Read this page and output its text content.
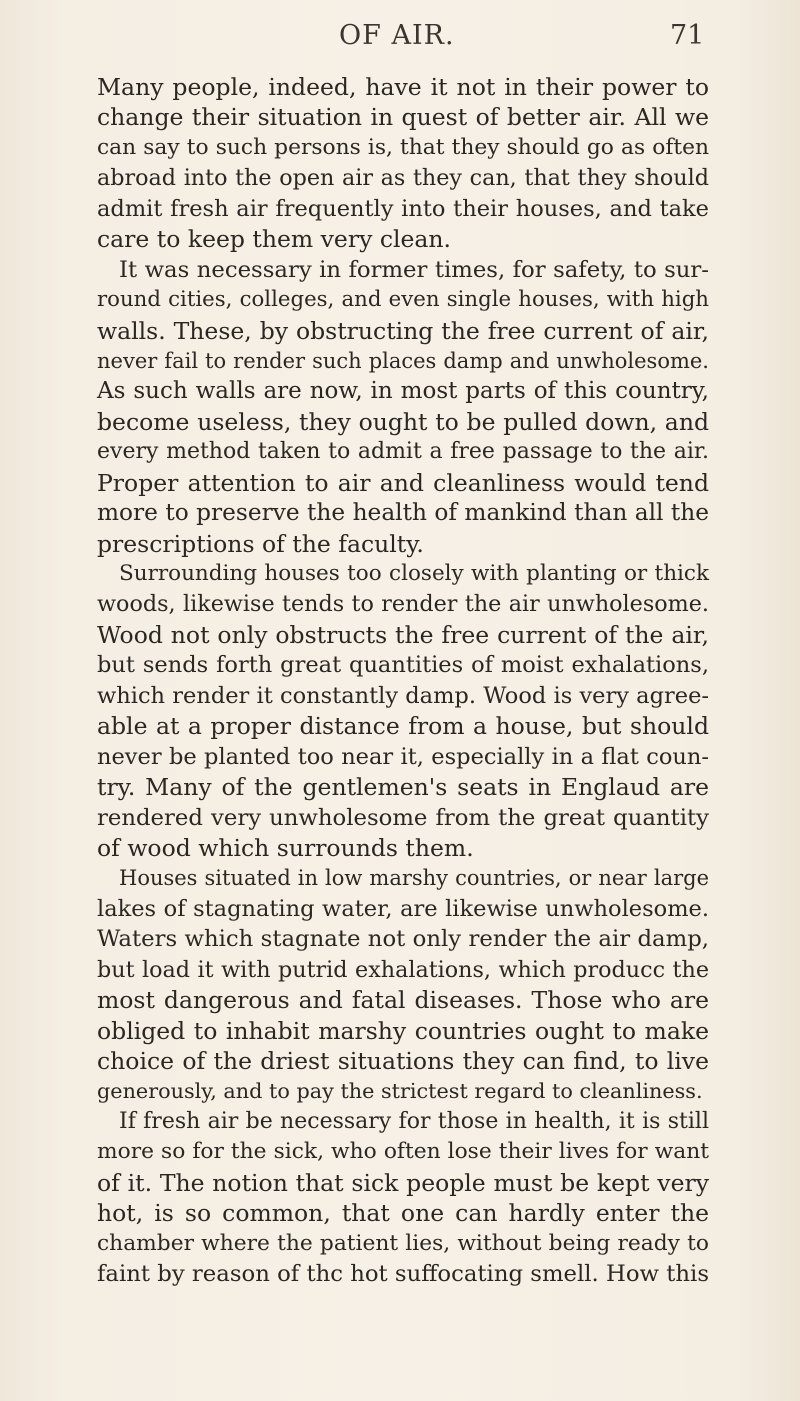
OF AIR.	71
Many people, indeed, have it not in their power to
change their situation in quest of better air. All we
can say to such persons is, that they should go as often
abroad into the open air as they can, that they should
admit fresh air frequently into their houses, and take
care to keep them very clean.
It was necessary in former times, for safety, to sur-
round cities, colleges, and even single houses, with high
walls. These, by obstructing the free current of air,
never fail to render such places damp and unwholesome.
As such walls are now, in most parts of this country,
become useless, they ought to be pulled down, and
every method taken to admit a free passage to the air.
Proper attention to air and cleanliness would tend
more to preserve the health of mankind than all the
prescriptions of the faculty.
Surrounding houses too closely with planting or thick
woods, likewise tends to render the air unwholesome.
Wood not only obstructs the free current of the air,
but sends forth great quantities of moist exhalations,
which render it constantly damp. Wood is very agree-
able at a proper distance from a house, but should
never be planted too near it, especially in a flat coun-
try. Many of the gentlemen's seats in Englaud are
rendered very unwholesome from the great quantity
of wood which surrounds them.
Houses situated in low marshy countries, or near large
lakes of stagnating water, are likewise unwholesome.
Waters which stagnate not only render the air damp,
but load it with putrid exhalations, which producc the
most dangerous and fatal diseases. Those who are
obliged to inhabit marshy countries ought to make
choice of the driest situations they can find, to live
generously, and to pay the strictest regard to cleanliness.
If fresh air be necessary for those in health, it is still
more so for the sick, who often lose their lives for want
of it. The notion that sick people must be kept very
hot, is so common, that one can hardly enter the
chamber where the patient lies, without being ready to
faint by reason of thc hot suffocating smell. How this
